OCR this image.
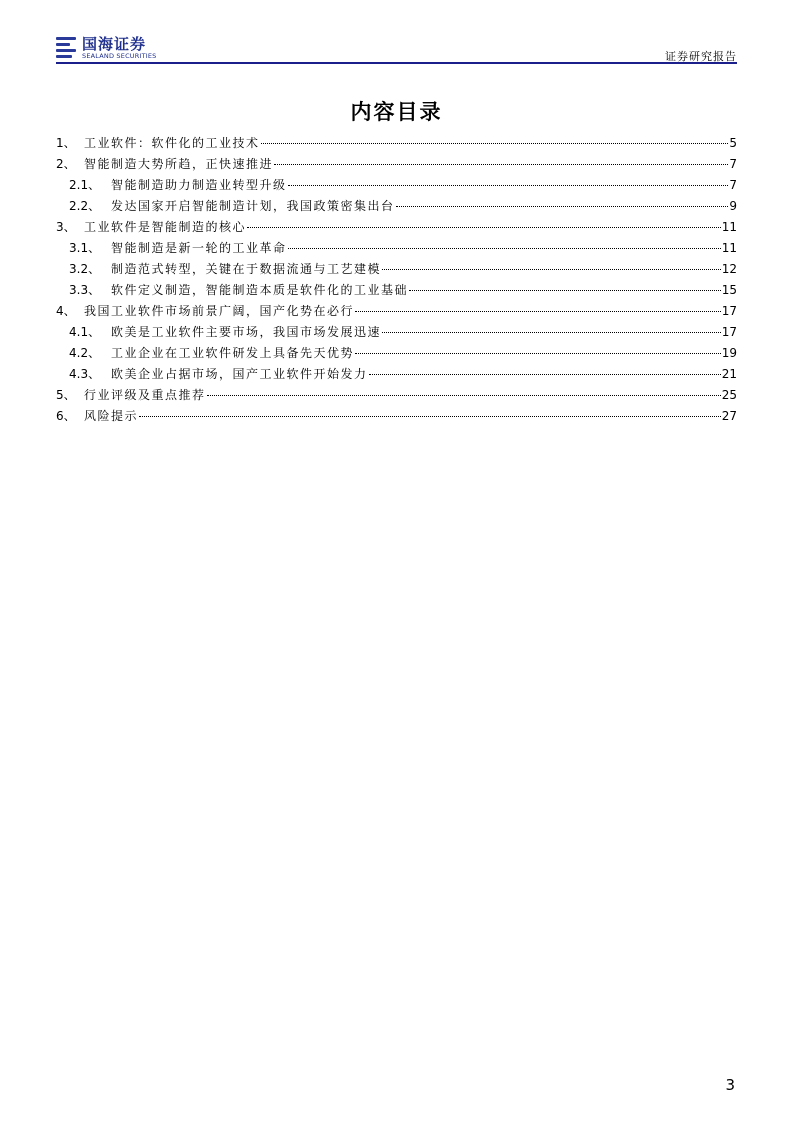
国海证券
SEALAND SECURITIES	证券研究报告
内容目录
1、 工业软件：软件化的工业技术	5
2、 智能制造大势所趋，正快速推进	7
2.1、 智能制造助力制造业转型升级	7
2.2、 发达国家开启智能制造计划，我国政策密集出台	9
3、 工业软件是智能制造的核心	11
3.1、 智能制造是新一轮的工业革命	11
3.2、 制造范式转型，关键在于数据流通与工艺建模	12
3.3、 软件定义制造，智能制造本质是软件化的工业基础	15
4、 我国工业软件市场前景广阔，国产化势在必行	17
4.1、 欧美是工业软件主要市场，我国市场发展迅速	17
4.2、 工业企业在工业软件研发上具备先天优势	19
4.3、 欧美企业占据市场，国产工业软件开始发力	21
5、 行业评级及重点推荐	25
6、 风险提示	27
3
